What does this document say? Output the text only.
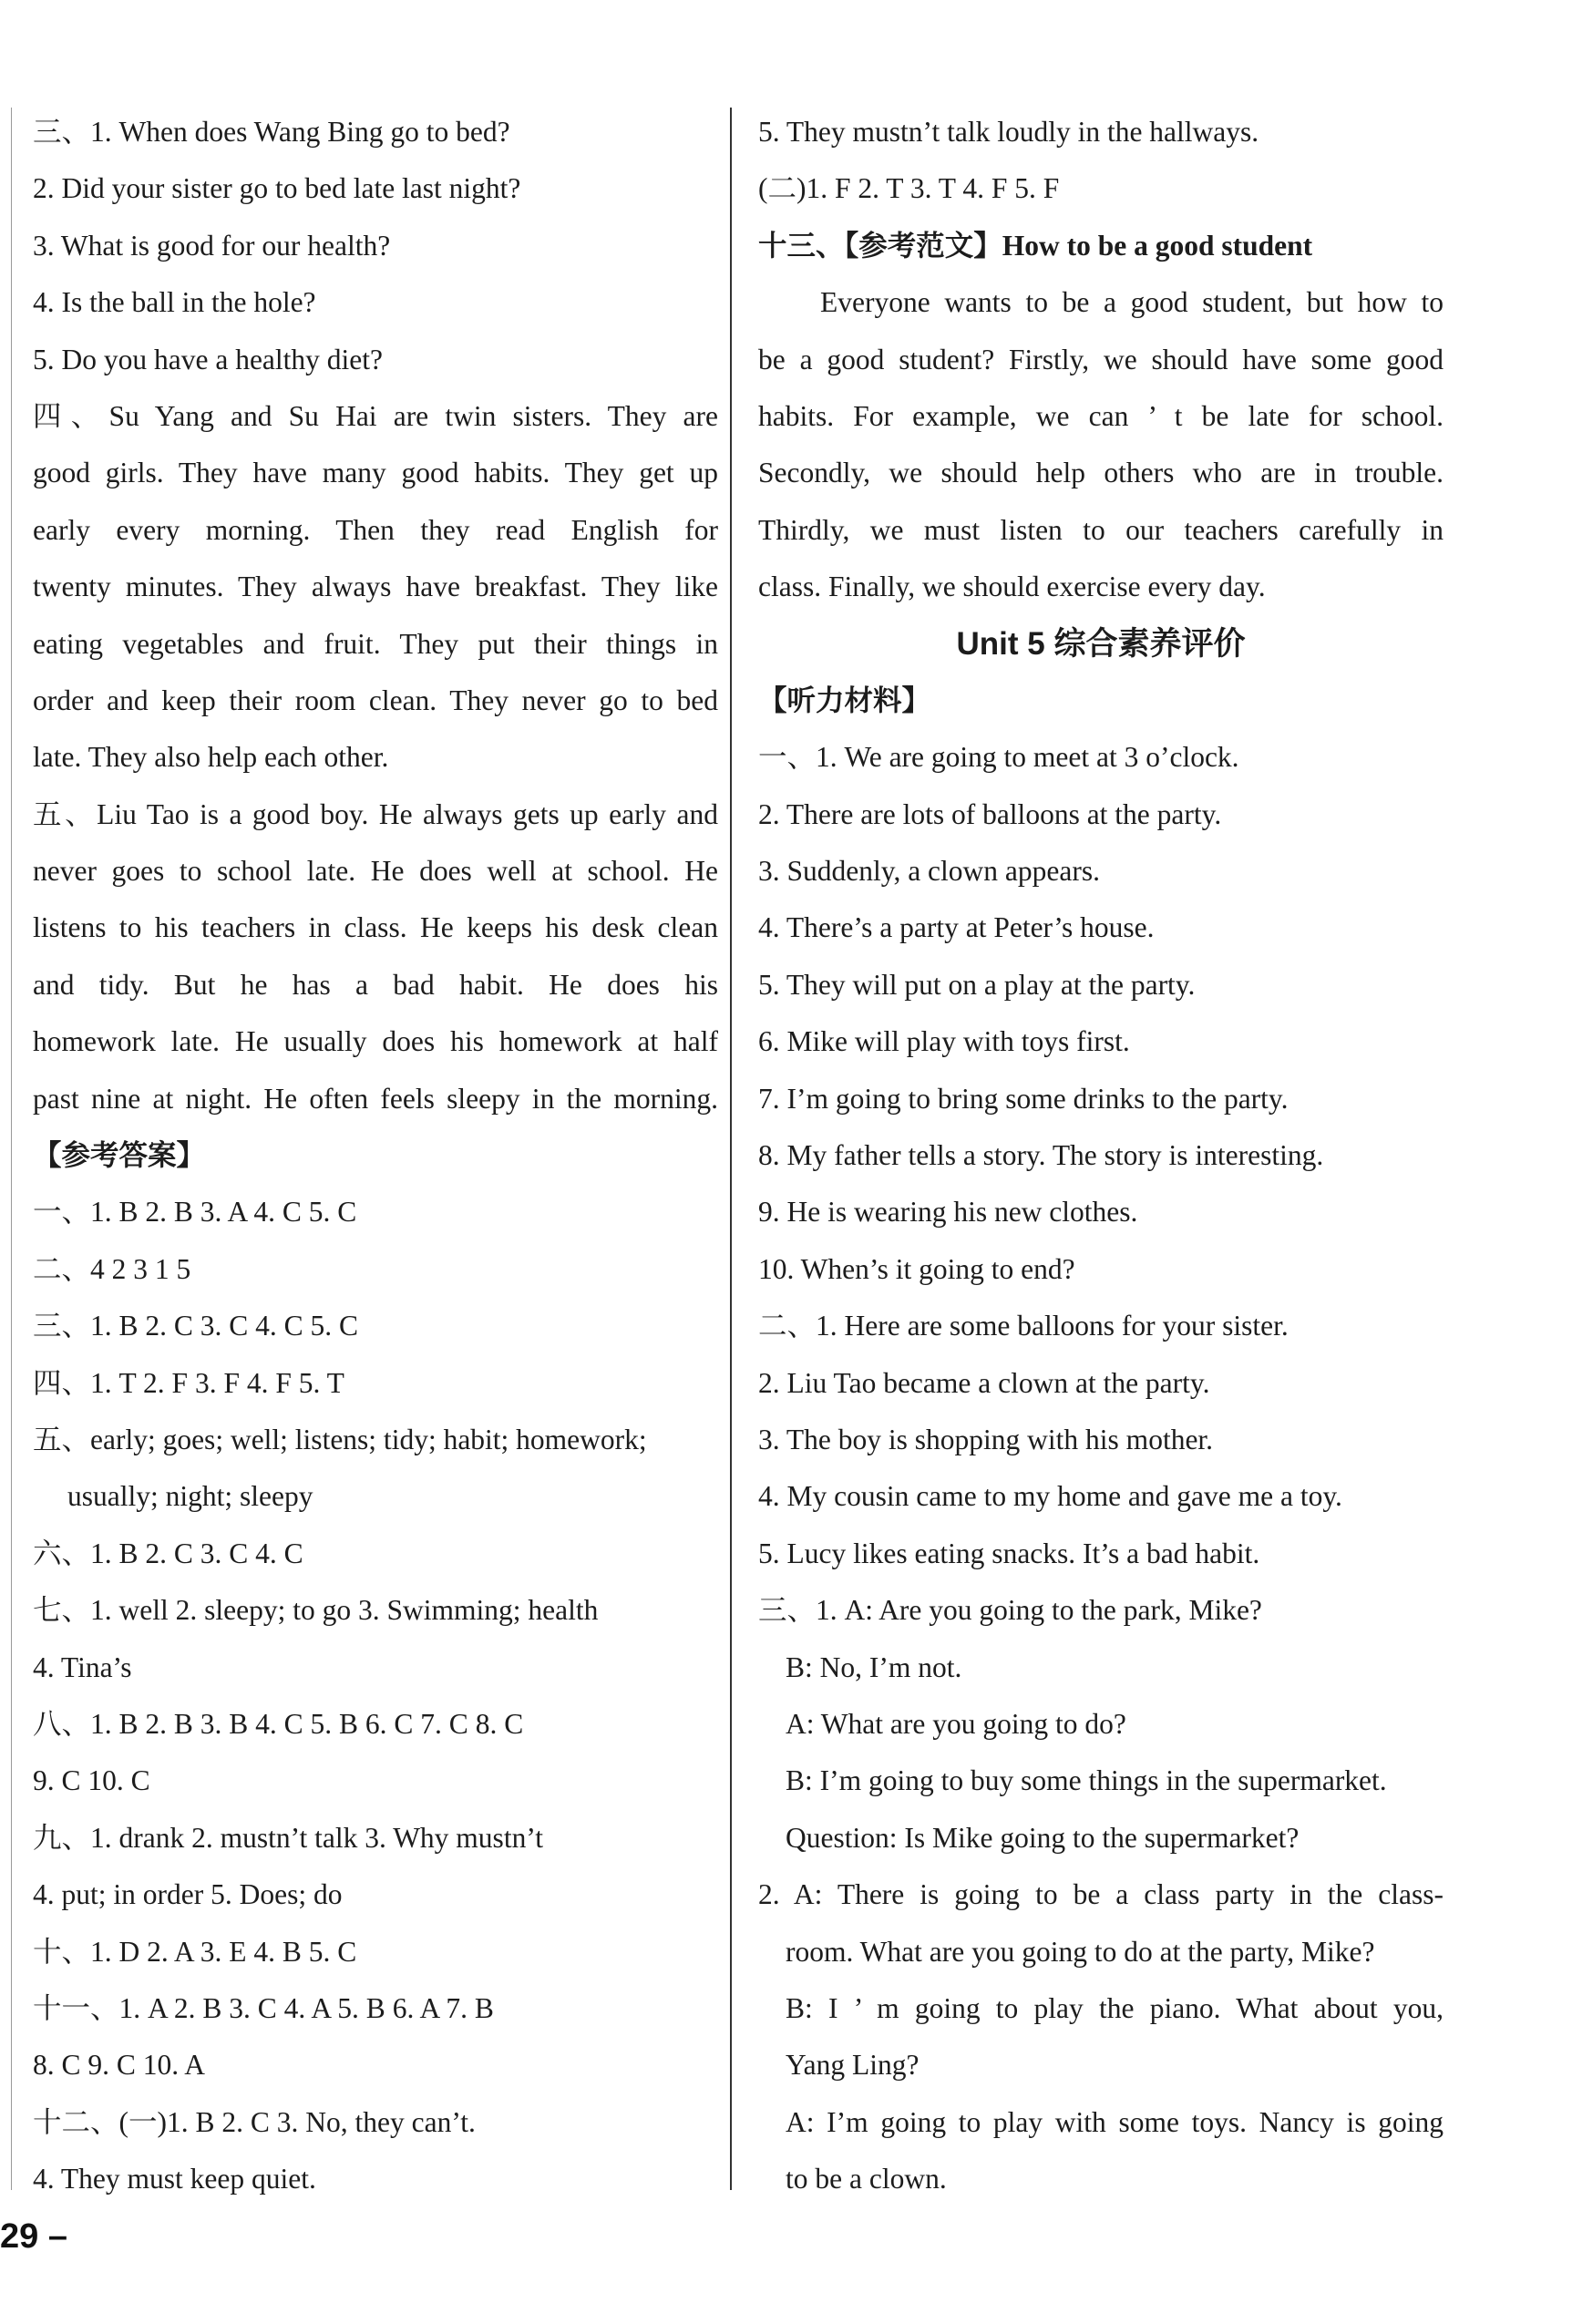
三、1. When does Wang Bing go to bed?
2. Did your sister go to bed late last night?
3. What is good for our health?
4. Is the ball in the hole?
5. Do you have a healthy diet?
四、Su Yang and Su Hai are twin sisters. They are
good girls. They have many good habits. They get up
early every morning. Then they read English for
twenty minutes. They always have breakfast. They like
eating vegetables and fruit. They put their things in
order and keep their room clean. They never go to bed
late. They also help each other.
五、Liu Tao is a good boy. He always gets up early and
never goes to school late. He does well at school. He
listens to his teachers in class. He keeps his desk clean
and tidy. But he has a bad habit. He does his
homework late. He usually does his homework at half
past nine at night. He often feels sleepy in the morning.
【参考答案】
一、1. B 2. B 3. A 4. C 5. C
二、4 2 3 1 5
三、1. B 2. C 3. C 4. C 5. C
四、1. T 2. F 3. F 4. F 5. T
五、early; goes; well; listens; tidy; habit; homework;
usually; night; sleepy
六、1. B 2. C 3. C 4. C
七、1. well 2. sleepy; to go 3. Swimming; health
4. Tina’s
八、1. B 2. B 3. B 4. C 5. B 6. C 7. C 8. C
9. C 10. C
九、1. drank 2. mustn’t talk 3. Why mustn’t
4. put; in order 5. Does; do
十、1. D 2. A 3. E 4. B 5. C
十一、1. A 2. B 3. C 4. A 5. B 6. A 7. B
8. C 9. C 10. A
十二、(一)1. B 2. C 3. No, they can’t.
4. They must keep quiet.
5. They mustn’t talk loudly in the hallways.
(二)1. F 2. T 3. T 4. F 5. F
十三、【参考范文】How to be a good student
Everyone wants to be a good student, but how to
be a good student? Firstly, we should have some good
habits. For example, we can ’ t be late for school.
Secondly, we should help others who are in trouble.
Thirdly, we must listen to our teachers carefully in
class. Finally, we should exercise every day.
Unit 5 综合素养评价
【听力材料】
一、1. We are going to meet at 3 o’clock.
2. There are lots of balloons at the party.
3. Suddenly, a clown appears.
4. There’s a party at Peter’s house.
5. They will put on a play at the party.
6. Mike will play with toys first.
7. I’m going to bring some drinks to the party.
8. My father tells a story. The story is interesting.
9. He is wearing his new clothes.
10. When’s it going to end?
二、1. Here are some balloons for your sister.
2. Liu Tao became a clown at the party.
3. The boy is shopping with his mother.
4. My cousin came to my home and gave me a toy.
5. Lucy likes eating snacks. It’s a bad habit.
三、1. A: Are you going to the park, Mike?
B: No, I’m not.
A: What are you going to do?
B: I’m going to buy some things in the supermarket.
Question: Is Mike going to the supermarket?
2. A: There is going to be a class party in the class-
room. What are you going to do at the party, Mike?
B: I ’ m going to play the piano. What about you,
Yang Ling?
A: I’m going to play with some toys. Nancy is going
to be a clown.
29 –
